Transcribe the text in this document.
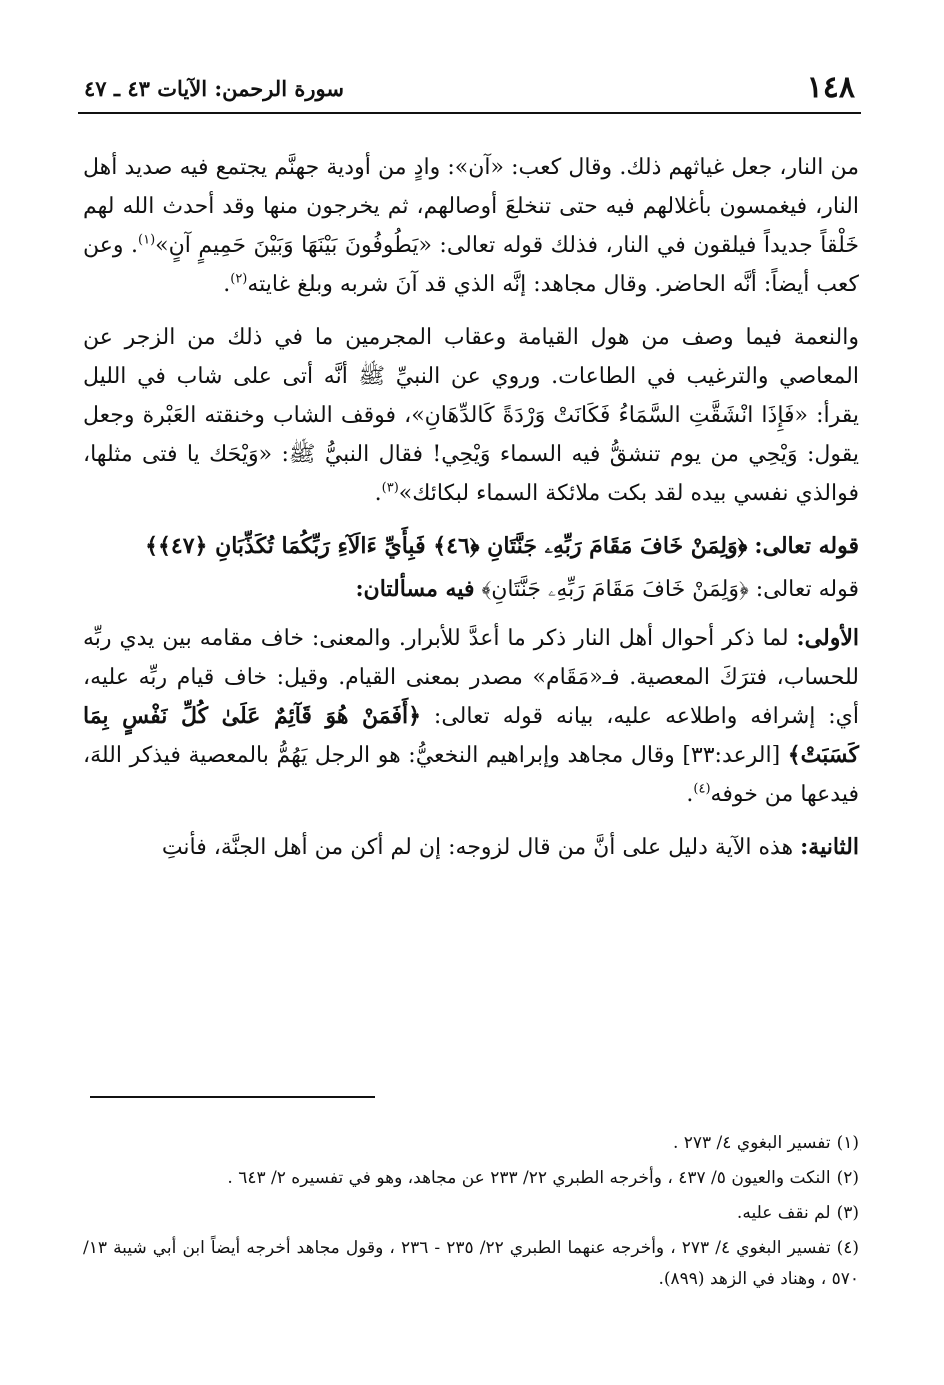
١٤٨
سورة الرحمن: الآيات ٤٣ ـ ٤٧

من النار، جعل غياثهم ذلك. وقال كعب: «آن»: وادٍ من أودية جهنَّم يجتمع فيه صديد أهل النار، فيغمسون بأغلالهم فيه حتى تنخلعَ أوصالهم، ثم يخرجون منها وقد أحدث الله لهم خَلْقاً جديداً فيلقون في النار، فذلك قوله تعالى: «يَطُوفُونَ بَيْنَهَا وَبَيْنَ حَمِيمٍ آنٍ»$^{(١)}$. وعن كعب أيضاً: أنَّه الحاضر. وقال مجاهد: إنَّه الذي قد آنَ شربه وبلغ غايته$^{(٢)}$.

والنعمة فيما وصف من هول القيامة وعقاب المجرمين ما في ذلك من الزجر عن المعاصي والترغيب في الطاعات. وروي عن النبيِّ ﷺ أنَّه أتى على شاب في الليل يقرأ: «فَإِذَا انْشَقَّتِ السَّمَاءُ فَكَانَتْ وَرْدَةً كَالدِّهَانِ»، فوقف الشاب وخنقته العَبْرة وجعل يقول: وَيْحِي من يوم تنشقُّ فيه السماء وَيْحِي! فقال النبيُّ ﷺ: «وَيْحَك يا فتى مثلها، فوالذي نفسي بيده لقد بكت ملائكة السماء لبكائك»$^{(٣)}$.

قوله تعالى: ﴿وَلِمَنْ خَافَ مَقَامَ رَبِّهِۦ جَنَّتَانِ ﴿٤٦﴾ فَبِأَيِّ ءَالَآءِ رَبِّكُمَا تُكَذِّبَانِ ﴿٤٧﴾﴾

قوله تعالى: ﴿وَلِمَنْ خَافَ مَقَامَ رَبِّهِۦ جَنَّتَانِ﴾ فيه مسألتان:

الأولى: لما ذكر أحوال أهل النار ذكر ما أعدَّ للأبرار. والمعنى: خاف مقامه بين يدي ربِّه للحساب، فترَكَ المعصية. فـ«مَقَام» مصدر بمعنى القيام. وقيل: خاف قيام ربِّه عليه، أي: إشرافه واطلاعه عليه، بيانه قوله تعالى: ﴿أَفَمَنْ هُوَ قَآئِمٌ عَلَىٰ كُلِّ نَفْسٍ بِمَا كَسَبَتْ﴾ [الرعد:٣٣] وقال مجاهد وإبراهيم النخعيُّ: هو الرجل يَهُمُّ بالمعصية فيذكر اللهَ، فيدعها من خوفه$^{(٤)}$.

الثانية: هذه الآية دليل على أنَّ من قال لزوجه: إن لم أكن من أهل الجنَّة، فأنتِ

(١)تفسير البغوي ٤/ ٢٧٣ .

(٢)النكت والعيون ٥/ ٤٣٧ ، وأخرجه الطبري ٢٢/ ٢٣٣ عن مجاهد، وهو في تفسيره ٢/ ٦٤٣ .

(٣)لم نقف عليه.

(٤)تفسير البغوي ٤/ ٢٧٣ ، وأخرجه عنهما الطبري ٢٢/ ٢٣٥ - ٢٣٦ ، وقول مجاهد أخرجه أيضاً ابن أبي شيبة ١٣/ ٥٧٠ ، وهناد في الزهد (٨٩٩).
